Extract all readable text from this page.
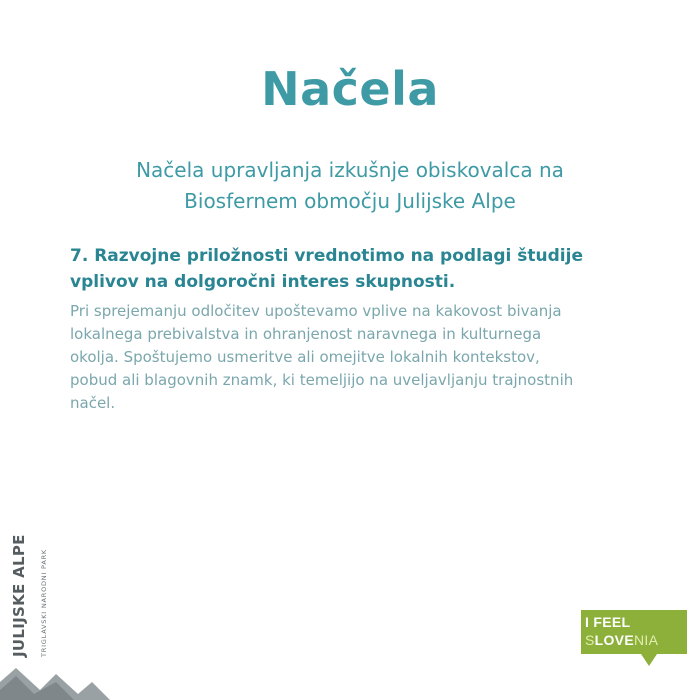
Načela
Načela upravljanja izkušnje obiskovalca na
Biosfernem območju Julijske Alpe
7. Razvojne priložnosti vrednotimo na podlagi študije
vplivov na dolgoročni interes skupnosti.
Pri sprejemanju odločitev upoštevamo vplive na kakovost bivanja
lokalnega prebivalstva in ohranjenost naravnega in kulturnega
okolja. Spoštujemo usmeritve ali omejitve lokalnih kontekstov,
pobud ali blagovnih znamk, ki temeljijo na uveljavljanju trajnostnih
načel.
JULIJSKE ALPE TRIGLAVSKI NARODNI PARK	I FEEL
SLOVENIA
